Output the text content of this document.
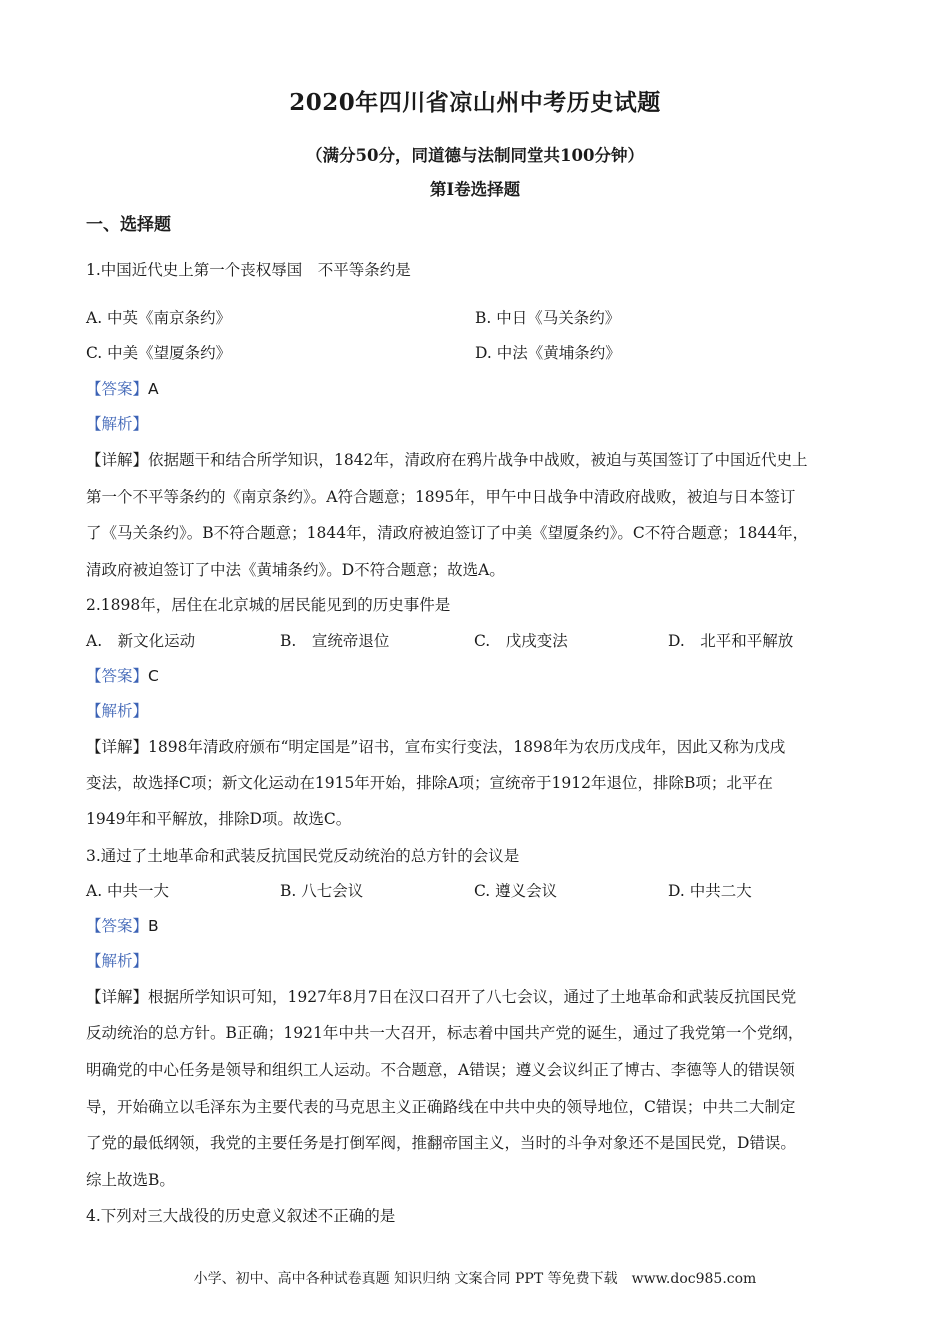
2020年四川省凉山州中考历史试题
（满分50分，同道德与法制同堂共100分钟）
第Ⅰ卷选择题
一、选择题
1.中国近代史上第一个丧权辱国　不平等条约是
A. 中英《南京条约》	B. 中日《马关条约》
C. 中美《望厦条约》	D. 中法《黄埔条约》
【答案】A
【解析】
【详解】依据题干和结合所学知识，1842年，清政府在鸦片战争中战败，被迫与英国签订了中国近代史上
第一个不平等条约的《南京条约》。A符合题意；1895年，甲午中日战争中清政府战败，被迫与日本签订
了《马关条约》。B不符合题意；1844年，清政府被迫签订了中美《望厦条约》。C不符合题意；1844年，
清政府被迫签订了中法《黄埔条约》。D不符合题意；故选A。
2.1898年，居住在北京城的居民能见到的历史事件是
A.　新文化运动	B.　宣统帝退位	C.　戊戌变法	D.　北平和平解放
【答案】C
【解析】
【详解】1898年清政府颁布“明定国是”诏书，宣布实行变法，1898年为农历戊戌年，因此又称为戊戌
变法，故选择C项；新文化运动在1915年开始，排除A项；宣统帝于1912年退位，排除B项；北平在
1949年和平解放，排除D项。故选C。
3.通过了土地革命和武装反抗国民党反动统治的总方针的会议是
A. 中共一大	B. 八七会议	C. 遵义会议	D. 中共二大
【答案】B
【解析】
【详解】根据所学知识可知，1927年8月7日在汉口召开了八七会议，通过了土地革命和武装反抗国民党
反动统治的总方针。B正确；1921年中共一大召开，标志着中国共产党的诞生，通过了我党第一个党纲，
明确党的中心任务是领导和组织工人运动。不合题意，A错误；遵义会议纠正了博古、李德等人的错误领
导，开始确立以毛泽东为主要代表的马克思主义正确路线在中共中央的领导地位，C错误；中共二大制定
了党的最低纲领，我党的主要任务是打倒军阀，推翻帝国主义，当时的斗争对象还不是国民党，D错误。
综上故选B。
4.下列对三大战役的历史意义叙述不正确的是
小学、初中、高中各种试卷真题 知识归纳 文案合同 PPT 等免费下载　www.doc985.com
